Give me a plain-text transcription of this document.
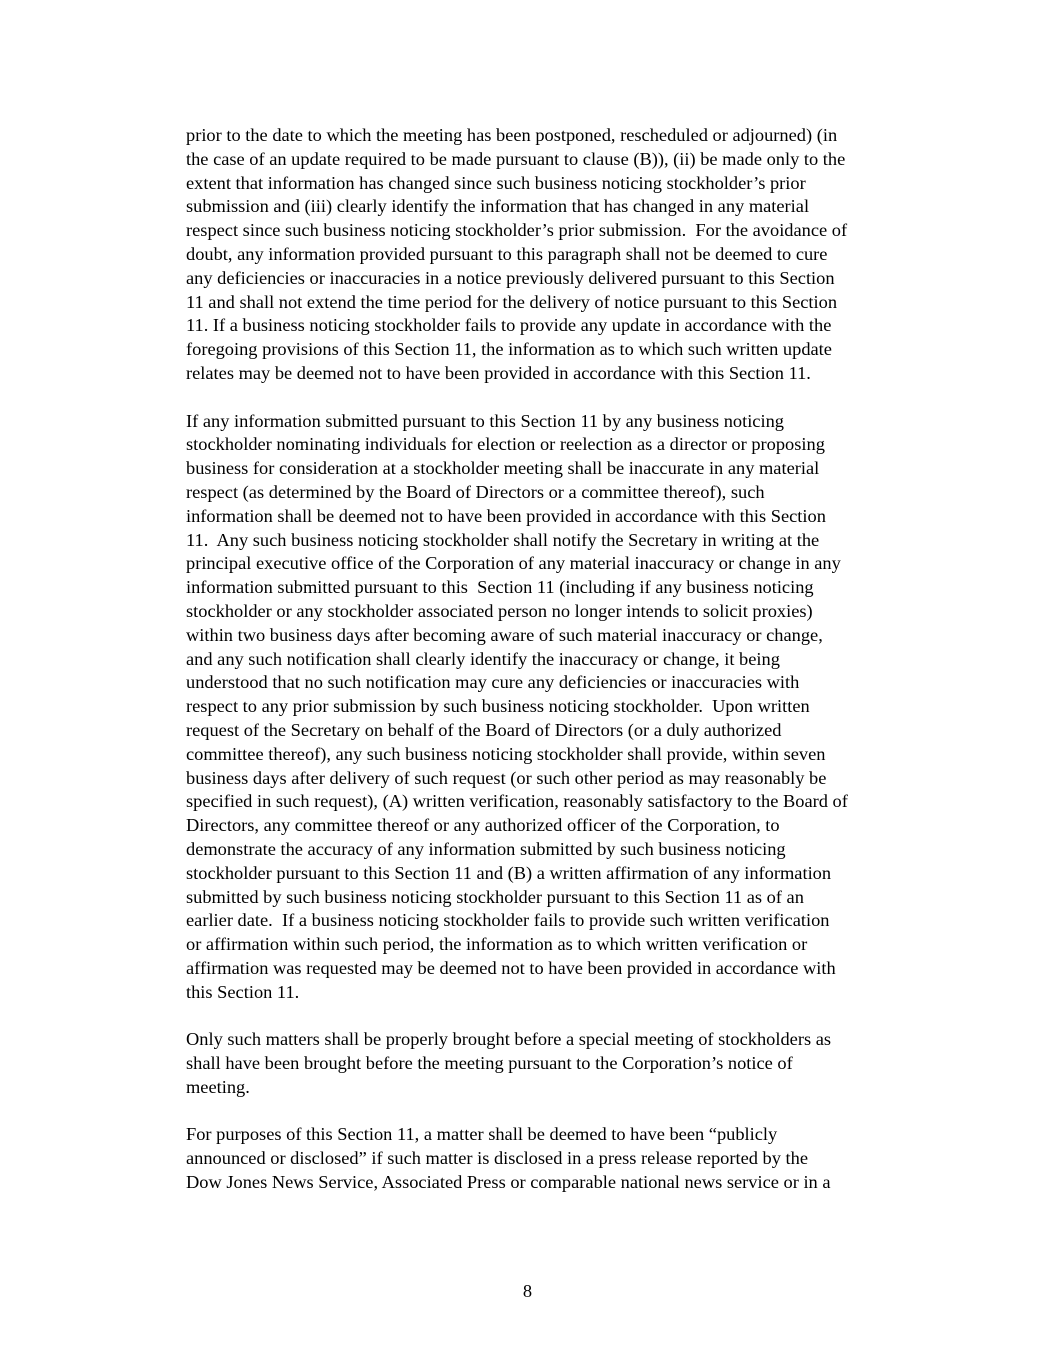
prior to the date to which the meeting has been postponed, rescheduled or adjourned) (in
the case of an update required to be made pursuant to clause (B)), (ii) be made only to the
extent that information has changed since such business noticing stockholder’s prior
submission and (iii) clearly identify the information that has changed in any material
respect since such business noticing stockholder’s prior submission.  For the avoidance of
doubt, any information provided pursuant to this paragraph shall not be deemed to cure
any deficiencies or inaccuracies in a notice previously delivered pursuant to this Section
11 and shall not extend the time period for the delivery of notice pursuant to this Section
11. If a business noticing stockholder fails to provide any update in accordance with the
foregoing provisions of this Section 11, the information as to which such written update
relates may be deemed not to have been provided in accordance with this Section 11.
If any information submitted pursuant to this Section 11 by any business noticing
stockholder nominating individuals for election or reelection as a director or proposing
business for consideration at a stockholder meeting shall be inaccurate in any material
respect (as determined by the Board of Directors or a committee thereof), such
information shall be deemed not to have been provided in accordance with this Section
11.  Any such business noticing stockholder shall notify the Secretary in writing at the
principal executive office of the Corporation of any material inaccuracy or change in any
information submitted pursuant to this  Section 11 (including if any business noticing
stockholder or any stockholder associated person no longer intends to solicit proxies)
within two business days after becoming aware of such material inaccuracy or change,
and any such notification shall clearly identify the inaccuracy or change, it being
understood that no such notification may cure any deficiencies or inaccuracies with
respect to any prior submission by such business noticing stockholder.  Upon written
request of the Secretary on behalf of the Board of Directors (or a duly authorized
committee thereof), any such business noticing stockholder shall provide, within seven
business days after delivery of such request (or such other period as may reasonably be
specified in such request), (A) written verification, reasonably satisfactory to the Board of
Directors, any committee thereof or any authorized officer of the Corporation, to
demonstrate the accuracy of any information submitted by such business noticing
stockholder pursuant to this Section 11 and (B) a written affirmation of any information
submitted by such business noticing stockholder pursuant to this Section 11 as of an
earlier date.  If a business noticing stockholder fails to provide such written verification
or affirmation within such period, the information as to which written verification or
affirmation was requested may be deemed not to have been provided in accordance with
this Section 11.
Only such matters shall be properly brought before a special meeting of stockholders as
shall have been brought before the meeting pursuant to the Corporation’s notice of
meeting.
For purposes of this Section 11, a matter shall be deemed to have been “publicly
announced or disclosed” if such matter is disclosed in a press release reported by the
Dow Jones News Service, Associated Press or comparable national news service or in a
8
